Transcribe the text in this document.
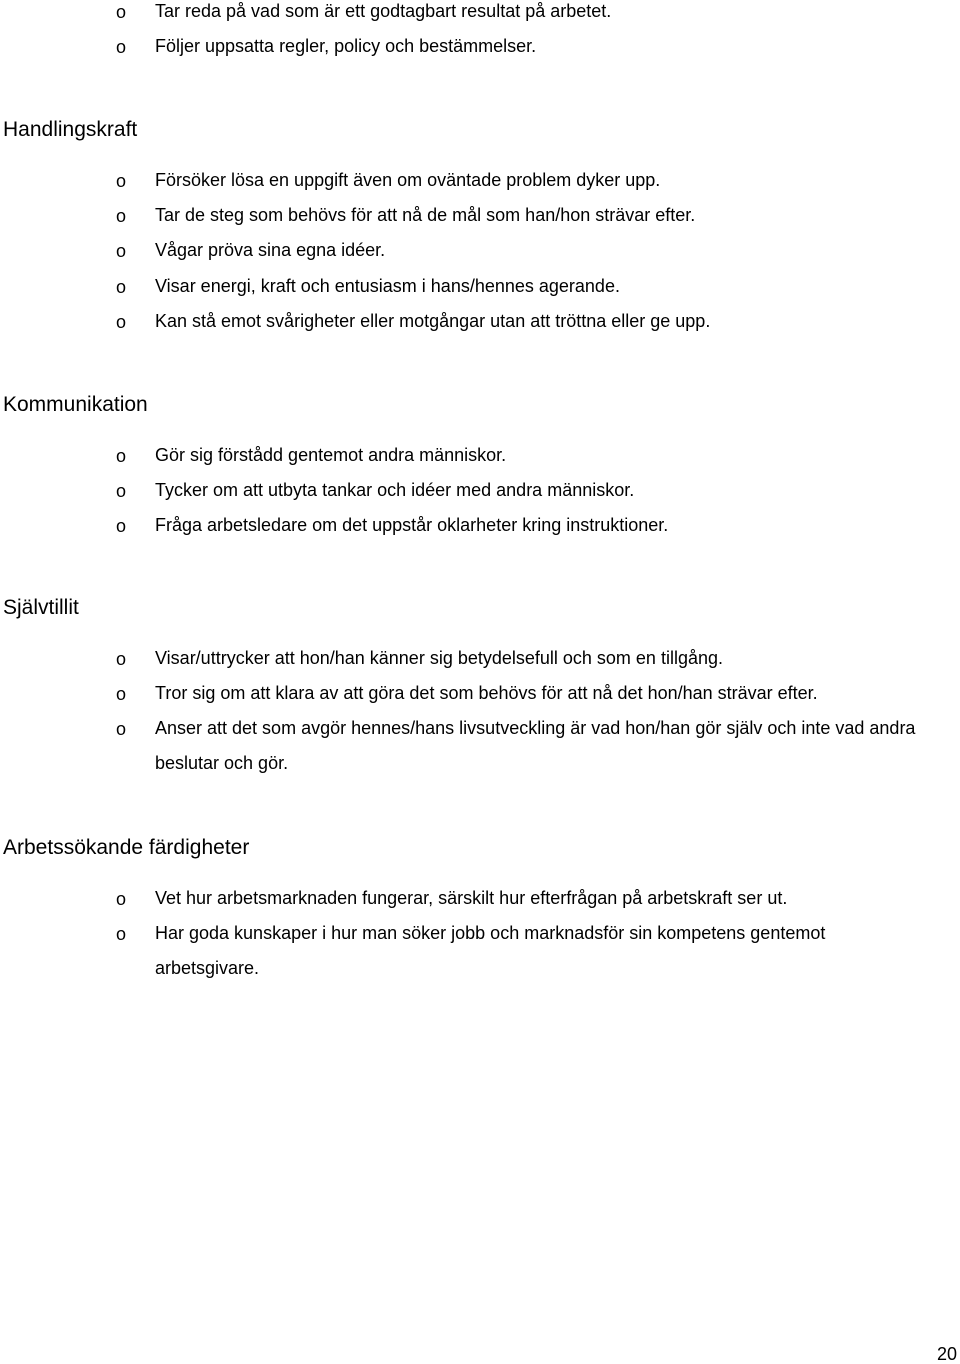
o Tar reda på vad som är ett godtagbart resultat på arbetet.
o Följer uppsatta regler, policy och bestämmelser.
Handlingskraft
o Försöker lösa en uppgift även om oväntade problem dyker upp.
o Tar de steg som behövs för att nå de mål som han/hon strävar efter.
o Vågar pröva sina egna idéer.
o Visar energi, kraft och entusiasm i hans/hennes agerande.
o Kan stå emot svårigheter eller motgångar utan att tröttna eller ge upp.
Kommunikation
o Gör sig förstådd gentemot andra människor.
o Tycker om att utbyta tankar och idéer med andra människor.
o Fråga arbetsledare om det uppstår oklarheter kring instruktioner.
Självtillit
o Visar/uttrycker att hon/han känner sig betydelsefull och som en tillgång.
o Tror sig om att klara av att göra det som behövs för att nå det hon/han strävar efter.
o Anser att det som avgör hennes/hans livsutveckling är vad hon/han gör själv och inte vad andra beslutar och gör.
Arbetssökande färdigheter
o Vet hur arbetsmarknaden fungerar, särskilt hur efterfrågan på arbetskraft ser ut.
o Har goda kunskaper i hur man söker jobb och marknadsför sin kompetens gentemot arbetsgivare.
20
